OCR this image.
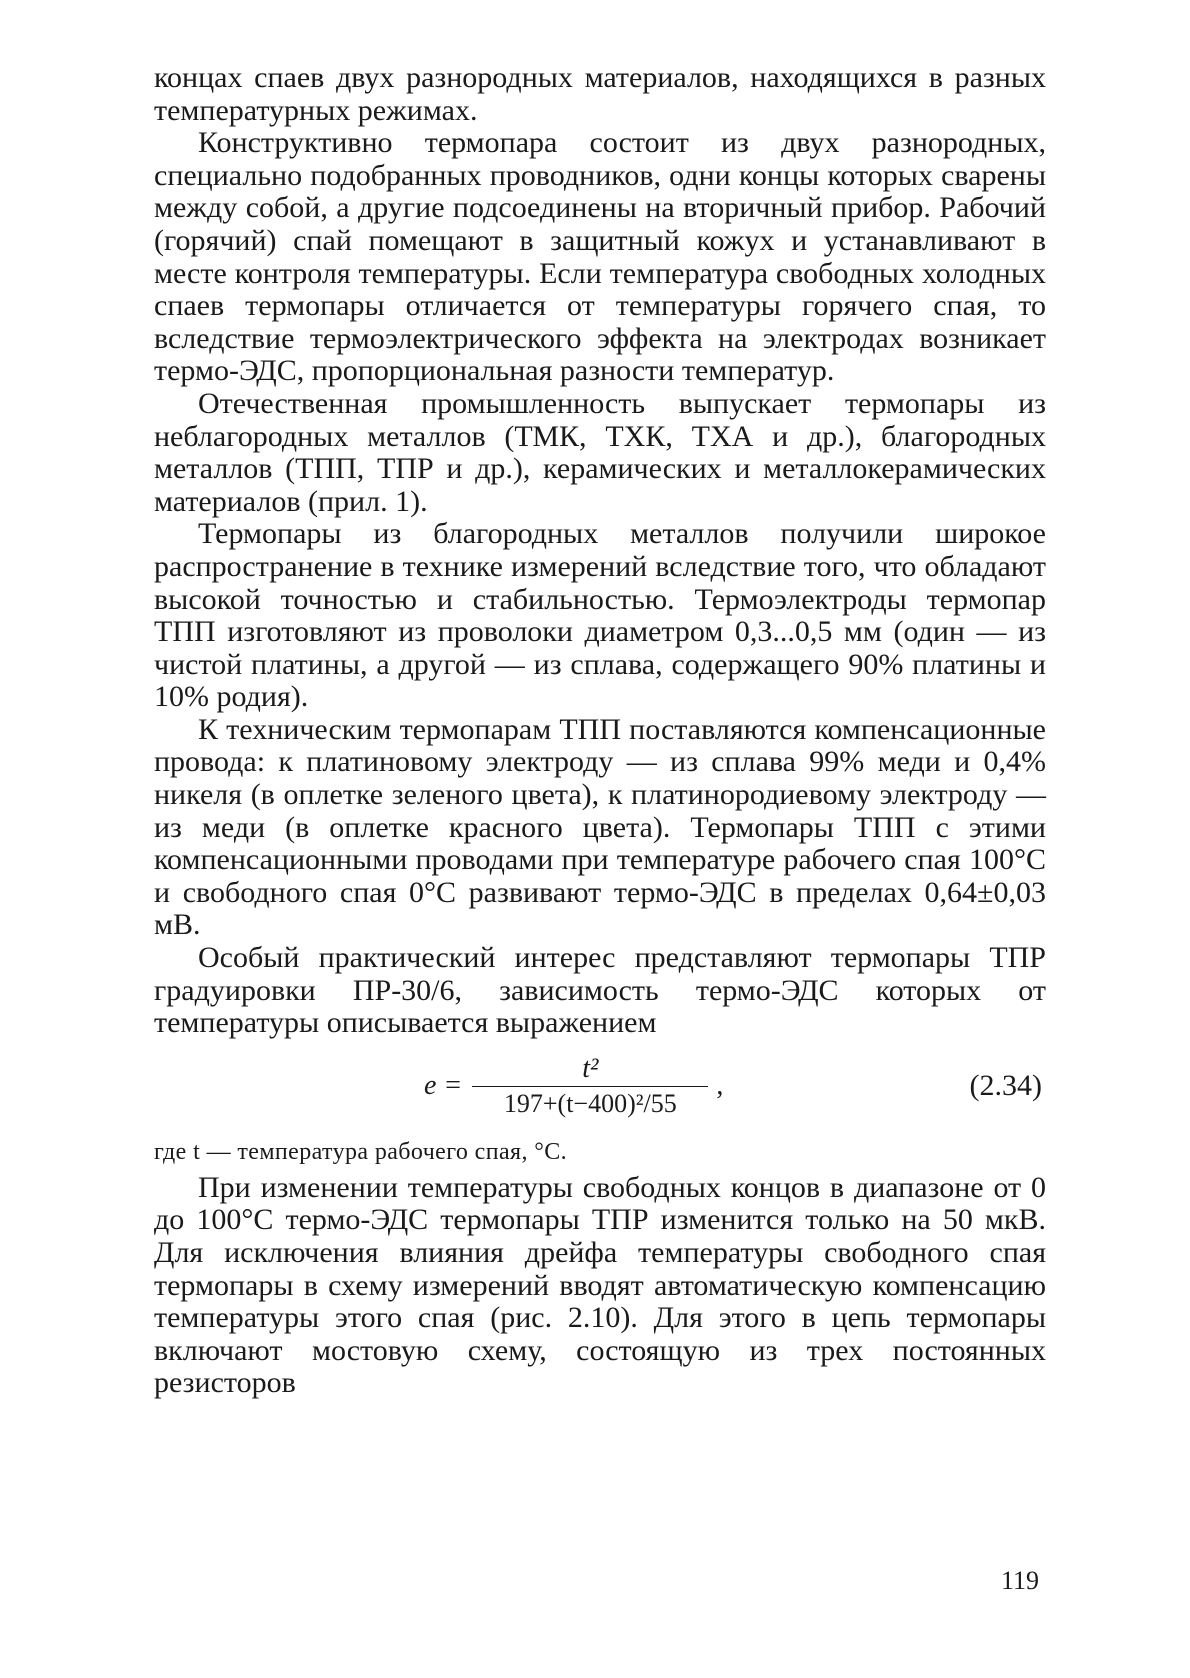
концах спаев двух разнородных материалов, находящихся в разных температурных режимах.

Конструктивно термопара состоит из двух разнородных, специально подобранных проводников, одни концы которых сварены между собой, а другие подсоединены на вторичный прибор. Рабочий (горячий) спай помещают в защитный кожух и устанавливают в месте контроля температуры. Если температура свободных холодных спаев термопары отличается от температуры горячего спая, то вследствие термоэлектрического эффекта на электродах возникает термо-ЭДС, пропорциональная разности температур.

Отечественная промышленность выпускает термопары из неблагородных металлов (ТМК, ТХК, ТХА и др.), благородных металлов (ТПП, ТПР и др.), керамических и металлокерамических материалов (прил. 1).

Термопары из благородных металлов получили широкое распространение в технике измерений вследствие того, что обладают высокой точностью и стабильностью. Термоэлектроды термопар ТПП изготовляют из проволоки диаметром 0,3...0,5 мм (один — из чистой платины, а другой — из сплава, содержащего 90% платины и 10% родия).

К техническим термопарам ТПП поставляются компенсационные провода: к платиновому электроду — из сплава 99% меди и 0,4% никеля (в оплетке зеленого цвета), к платинородиевому электроду — из меди (в оплетке красного цвета). Термопары ТПП с этими компенсационными проводами при температуре рабочего спая 100°С и свободного спая 0°С развивают термо-ЭДС в пределах 0,64±0,03 мВ.

Особый практический интерес представляют термопары ТПР градуировки ПР-30/6, зависимость термо-ЭДС которых от температуры описывается выражением

$e = \frac{\text{t²}}{\text{197+(t−400)²/55}}$ ,	(2.34)

где t — температура рабочего спая, °С.

При изменении температуры свободных концов в диапазоне от 0 до 100°С термо-ЭДС термопары ТПР изменится только на 50 мкВ. Для исключения влияния дрейфа температуры свободного спая термопары в схему измерений вводят автоматическую компенсацию температуры этого спая (рис. 2.10). Для этого в цепь термопары включают мостовую схему, состоящую из трех постоянных резисторов

119
